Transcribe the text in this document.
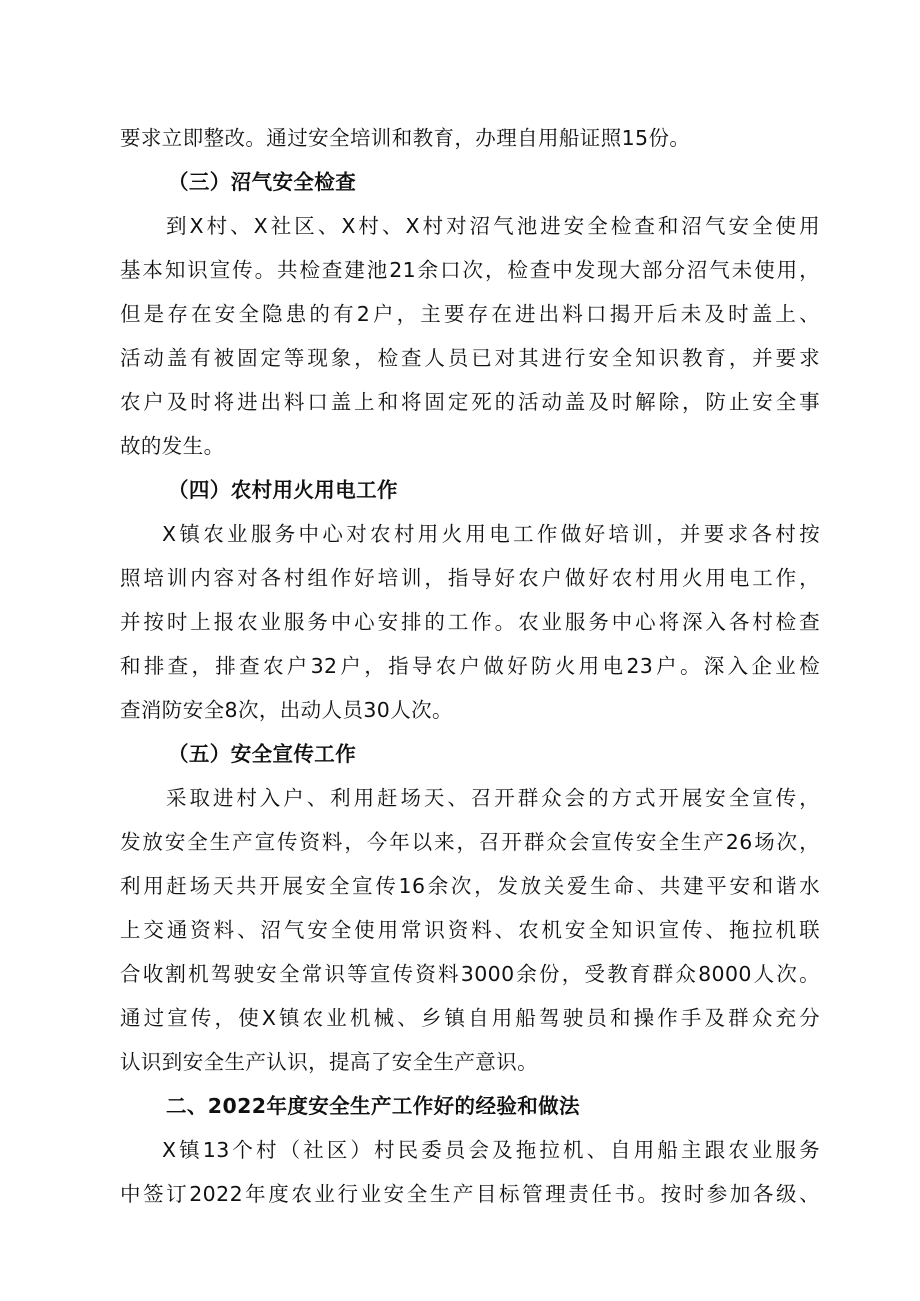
要求立即整改。通过安全培训和教育，办理自用船证照15份。
（三）沼气安全检查
到X村、X社区、X村、X村对沼气池进安全检查和沼气安全使用
基本知识宣传。共检查建池21余口次，检查中发现大部分沼气未使用，
但是存在安全隐患的有2户，主要存在进出料口揭开后未及时盖上、
活动盖有被固定等现象，检查人员已对其进行安全知识教育，并要求
农户及时将进出料口盖上和将固定死的活动盖及时解除，防止安全事
故的发生。
（四）农村用火用电工作
X镇农业服务中心对农村用火用电工作做好培训，并要求各村按
照培训内容对各村组作好培训，指导好农户做好农村用火用电工作，
并按时上报农业服务中心安排的工作。农业服务中心将深入各村检查
和排查，排查农户32户，指导农户做好防火用电23户。深入企业检
查消防安全8次，出动人员30人次。
（五）安全宣传工作
采取进村入户、利用赶场天、召开群众会的方式开展安全宣传，
发放安全生产宣传资料，今年以来，召开群众会宣传安全生产26场次，
利用赶场天共开展安全宣传16余次，发放关爱生命、共建平安和谐水
上交通资料、沼气安全使用常识资料、农机安全知识宣传、拖拉机联
合收割机驾驶安全常识等宣传资料3000余份，受教育群众8000人次。
通过宣传，使X镇农业机械、乡镇自用船驾驶员和操作手及群众充分
认识到安全生产认识，提高了安全生产意识。
二、2022年度安全生产工作好的经验和做法
X镇13个村（社区）村民委员会及拖拉机、自用船主跟农业服务
中签订2022年度农业行业安全生产目标管理责任书。按时参加各级、
